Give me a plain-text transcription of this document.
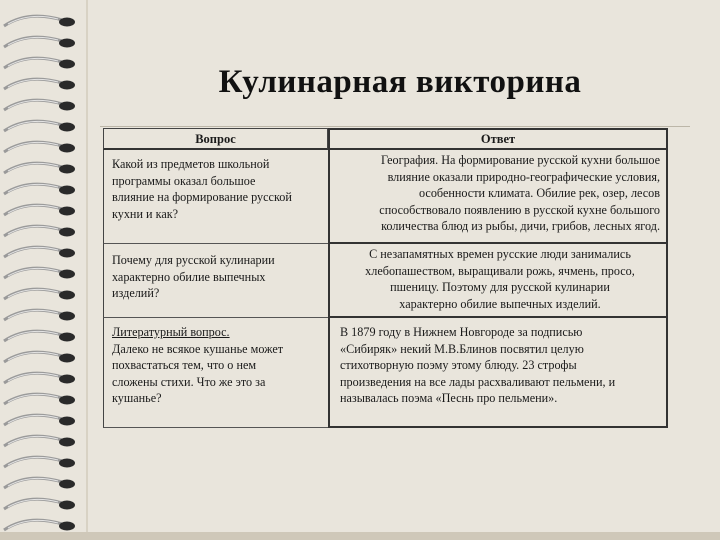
Кулинарная викторина
Вопрос	Ответ
Какой из предметов школьной
программы оказал большое
влияние на формирование русской
кухни и как?
География. На формирование русской кухни большое
влияние оказали природно-географические условия,
особенности климата. Обилие рек, озер, лесов
способствовало появлению в русской кухне большого
количества блюд из рыбы, дичи, грибов, лесных ягод.
Почему для русской кулинарии
характерно обилие выпечных
изделий?
С незапамятных времен русские люди занимались
хлебопашеством, выращивали рожь, ячмень, просо,
пшеницу. Поэтому для русской кулинарии
характерно обилие выпечных изделий.
Литературный вопрос.
Далеко не всякое кушанье может
похвастаться тем, что о нем
сложены стихи. Что же это за
кушанье?
В 1879 году в Нижнем Новгороде за подписью
«Сибиряк» некий М.В.Блинов посвятил целую
стихотворную поэму этому блюду. 23 строфы
произведения на все лады расхваливают пельмени, и
называлась поэма «Песнь про пельмени».
